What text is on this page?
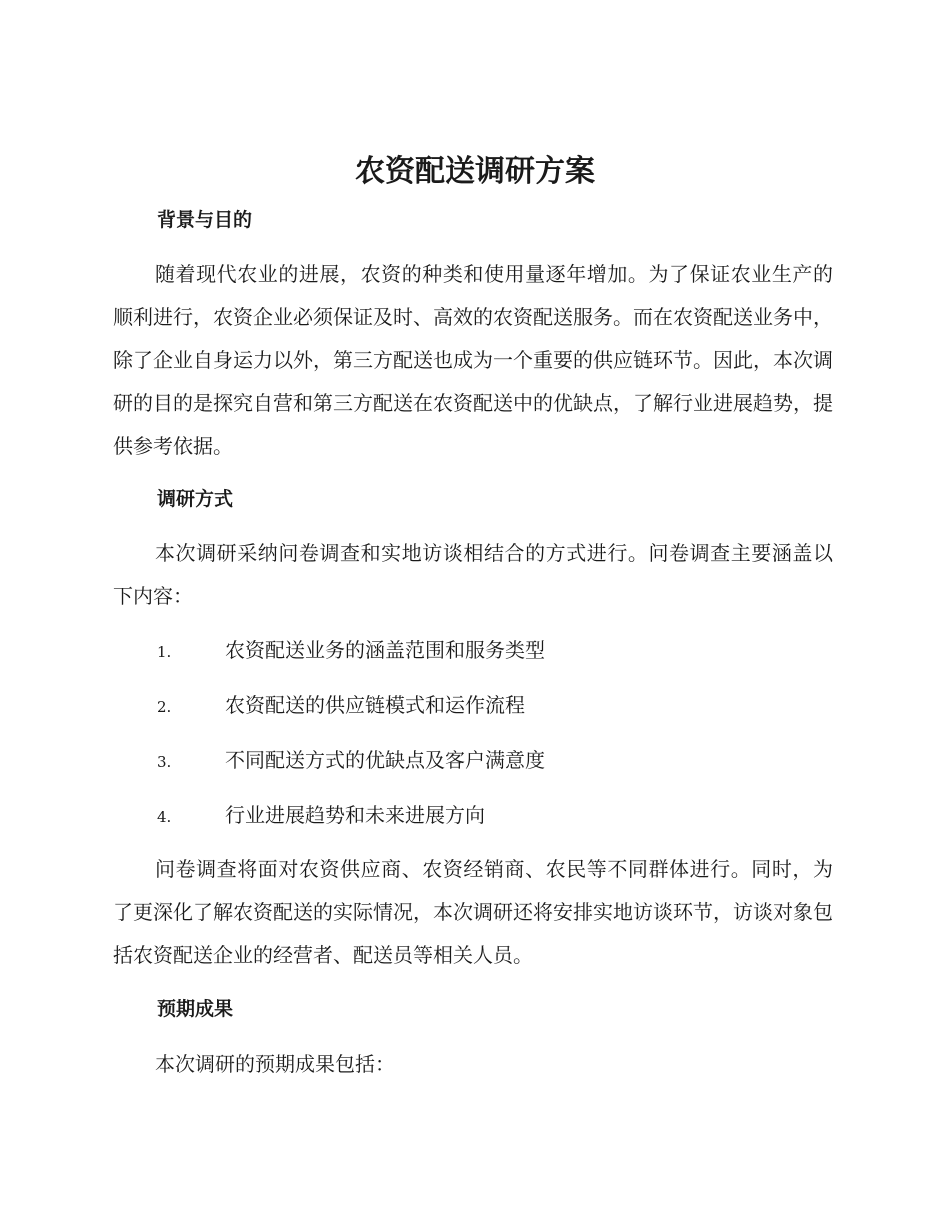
农资配送调研方案
背景与目的

随着现代农业的进展，农资的种类和使用量逐年增加。为了保证农业生产的顺利进行，农资企业必须保证及时、高效的农资配送服务。而在农资配送业务中，除了企业自身运力以外，第三方配送也成为一个重要的供应链环节。因此，本次调研的目的是探究自营和第三方配送在农资配送中的优缺点，了解行业进展趋势，提供参考依据。

调研方式

本次调研采纳问卷调查和实地访谈相结合的方式进行。问卷调查主要涵盖以下内容：

1.	农资配送业务的涵盖范围和服务类型
2.	农资配送的供应链模式和运作流程
3.	不同配送方式的优缺点及客户满意度
4.	行业进展趋势和未来进展方向

问卷调查将面对农资供应商、农资经销商、农民等不同群体进行。同时，为了更深化了解农资配送的实际情况，本次调研还将安排实地访谈环节，访谈对象包括农资配送企业的经营者、配送员等相关人员。

预期成果

本次调研的预期成果包括：
